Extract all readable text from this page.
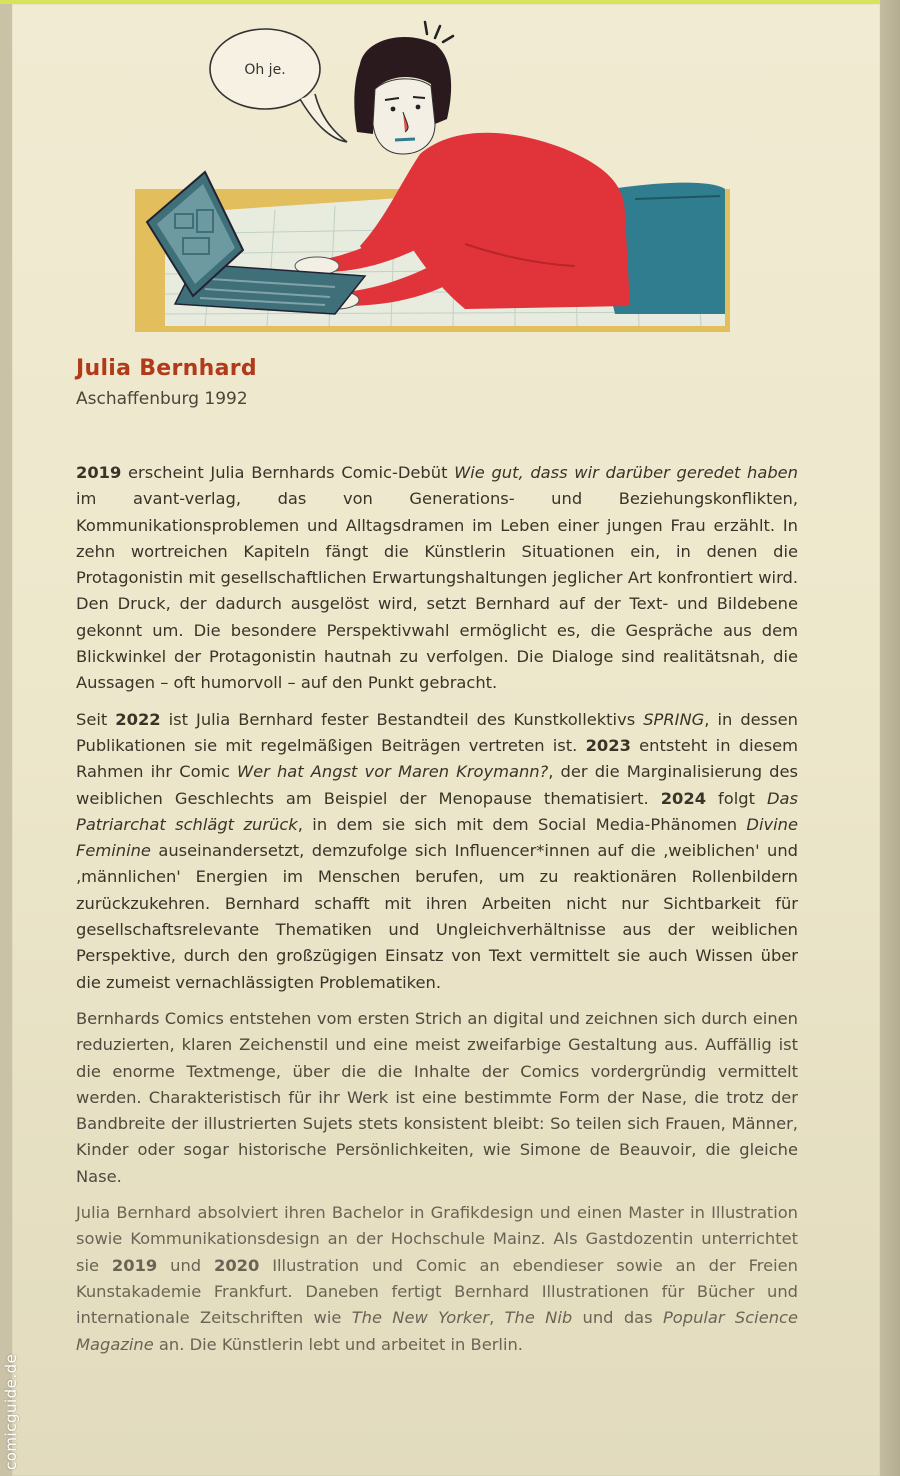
Oh je.
Julia Bernhard
Aschaffenburg 1992

2019 erscheint Julia Bernhards Comic-Debüt Wie gut, dass wir darüber geredet haben im avant-verlag, das von Generations- und Beziehungskonflikten, Kommunikationsproblemen und Alltagsdramen im Leben einer jungen Frau erzählt. In zehn wortreichen Kapiteln fängt die Künstlerin Situationen ein, in denen die Protagonistin mit gesellschaftlichen Erwartungshaltungen jeglicher Art konfrontiert wird. Den Druck, der dadurch ausgelöst wird, setzt Bernhard auf der Text- und Bildebene gekonnt um. Die besondere Perspektivwahl ermöglicht es, die Gespräche aus dem Blickwinkel der Protagonistin hautnah zu verfolgen. Die Dialoge sind realitätsnah, die Aussagen – oft humorvoll – auf den Punkt gebracht.

Seit 2022 ist Julia Bernhard fester Bestandteil des Kunstkollektivs SPRING, in dessen Publikationen sie mit regelmäßigen Beiträgen vertreten ist. 2023 entsteht in diesem Rahmen ihr Comic Wer hat Angst vor Maren Kroymann?, der die Marginalisierung des weiblichen Geschlechts am Beispiel der Menopause thematisiert. 2024 folgt Das Patriarchat schlägt zurück, in dem sie sich mit dem Social Media-Phänomen Divine Feminine auseinandersetzt, demzufolge sich Influencer*innen auf die ‚weiblichen' und ‚männlichen' Energien im Menschen berufen, um zu reaktionären Rollenbildern zurückzukehren. Bernhard schafft mit ihren Arbeiten nicht nur Sichtbarkeit für gesellschaftsrelevante Thematiken und Ungleichverhältnisse aus der weiblichen Perspektive, durch den großzügigen Einsatz von Text vermittelt sie auch Wissen über die zumeist vernachlässigten Problematiken.

Bernhards Comics entstehen vom ersten Strich an digital und zeichnen sich durch einen reduzierten, klaren Zeichenstil und eine meist zweifarbige Gestaltung aus. Auffällig ist die enorme Textmenge, über die die Inhalte der Comics vordergründig vermittelt werden. Charakteristisch für ihr Werk ist eine bestimmte Form der Nase, die trotz der Bandbreite der illustrierten Sujets stets konsistent bleibt: So teilen sich Frauen, Männer, Kinder oder sogar historische Persönlichkeiten, wie Simone de Beauvoir, die gleiche Nase.

Julia Bernhard absolviert ihren Bachelor in Grafikdesign und einen Master in Illustration sowie Kommunikationsdesign an der Hochschule Mainz. Als Gastdozentin unterrichtet sie 2019 und 2020 Illustration und Comic an ebendieser sowie an der Freien Kunstakademie Frankfurt. Daneben fertigt Bernhard Illustrationen für Bücher und internationale Zeitschriften wie The New Yorker, The Nib und das Popular Science Magazine an. Die Künstlerin lebt und arbeitet in Berlin.

comicguide.de
